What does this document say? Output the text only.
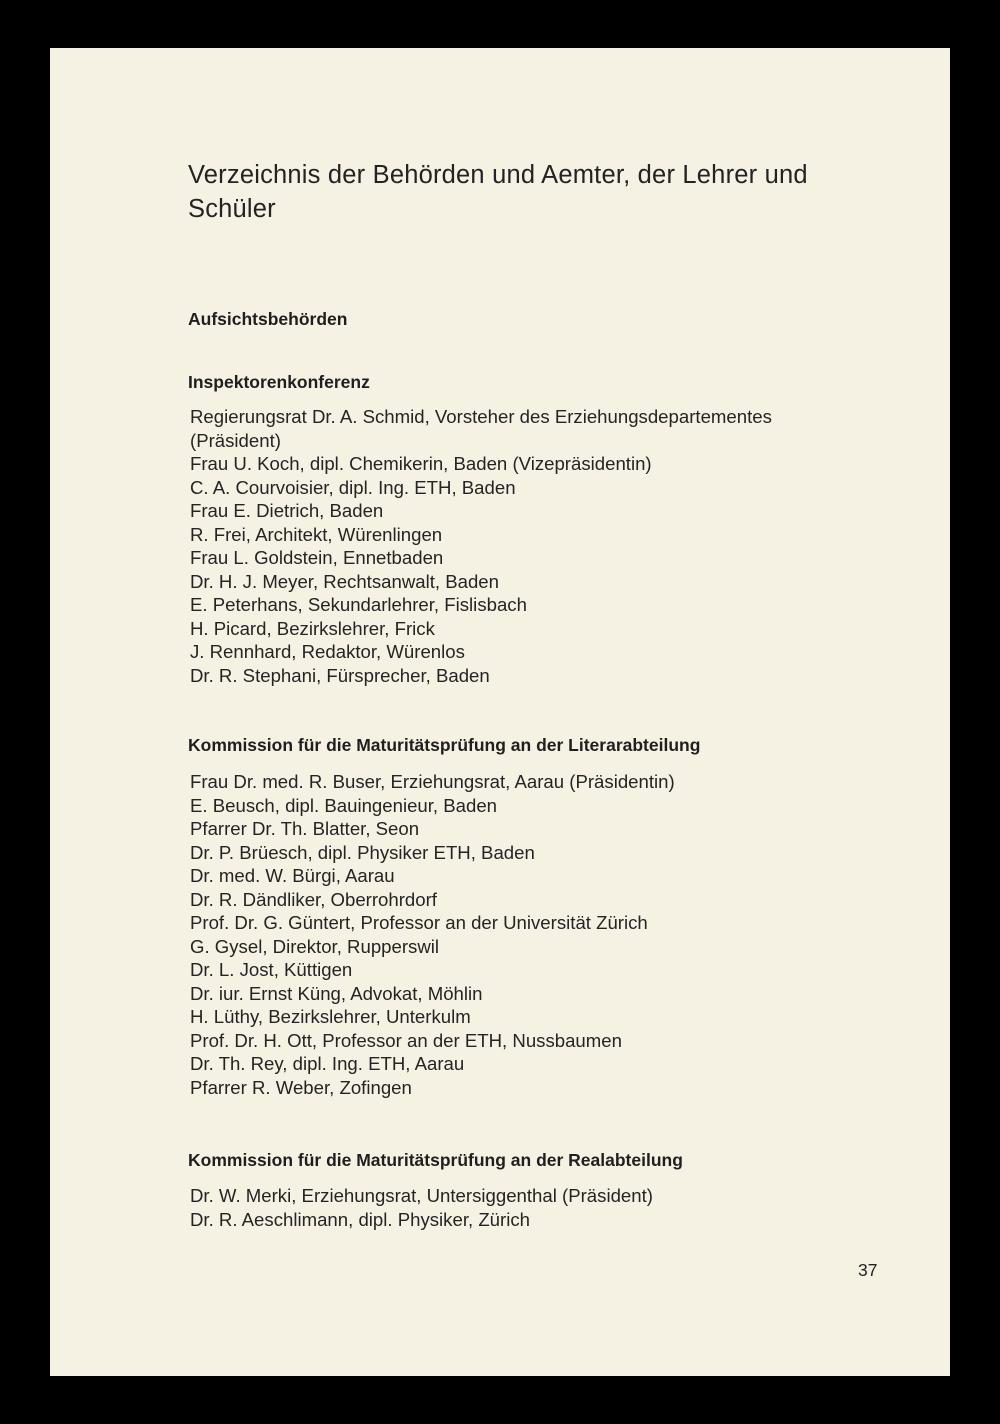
Verzeichnis der Behörden und Aemter, der Lehrer und
Schüler
Aufsichtsbehörden
Inspektorenkonferenz
Regierungsrat Dr. A. Schmid, Vorsteher des Erziehungsdepartementes
(Präsident)
Frau U. Koch, dipl. Chemikerin, Baden (Vizepräsidentin)
C. A. Courvoisier, dipl. Ing. ETH, Baden
Frau E. Dietrich, Baden
R. Frei, Architekt, Würenlingen
Frau L. Goldstein, Ennetbaden
Dr. H. J. Meyer, Rechtsanwalt, Baden
E. Peterhans, Sekundarlehrer, Fislisbach
H. Picard, Bezirkslehrer, Frick
J. Rennhard, Redaktor, Würenlos
Dr. R. Stephani, Fürsprecher, Baden
Kommission für die Maturitätsprüfung an der Literarabteilung
Frau Dr. med. R. Buser, Erziehungsrat, Aarau (Präsidentin)
E. Beusch, dipl. Bauingenieur, Baden
Pfarrer Dr. Th. Blatter, Seon
Dr. P. Brüesch, dipl. Physiker ETH, Baden
Dr. med. W. Bürgi, Aarau
Dr. R. Dändliker, Oberrohrdorf
Prof. Dr. G. Güntert, Professor an der Universität Zürich
G. Gysel, Direktor, Rupperswil
Dr. L. Jost, Küttigen
Dr. iur. Ernst Küng, Advokat, Möhlin
H. Lüthy, Bezirkslehrer, Unterkulm
Prof. Dr. H. Ott, Professor an der ETH, Nussbaumen
Dr. Th. Rey, dipl. Ing. ETH, Aarau
Pfarrer R. Weber, Zofingen
Kommission für die Maturitätsprüfung an der Realabteilung
Dr. W. Merki, Erziehungsrat, Untersiggenthal (Präsident)
Dr. R. Aeschlimann, dipl. Physiker, Zürich
37
